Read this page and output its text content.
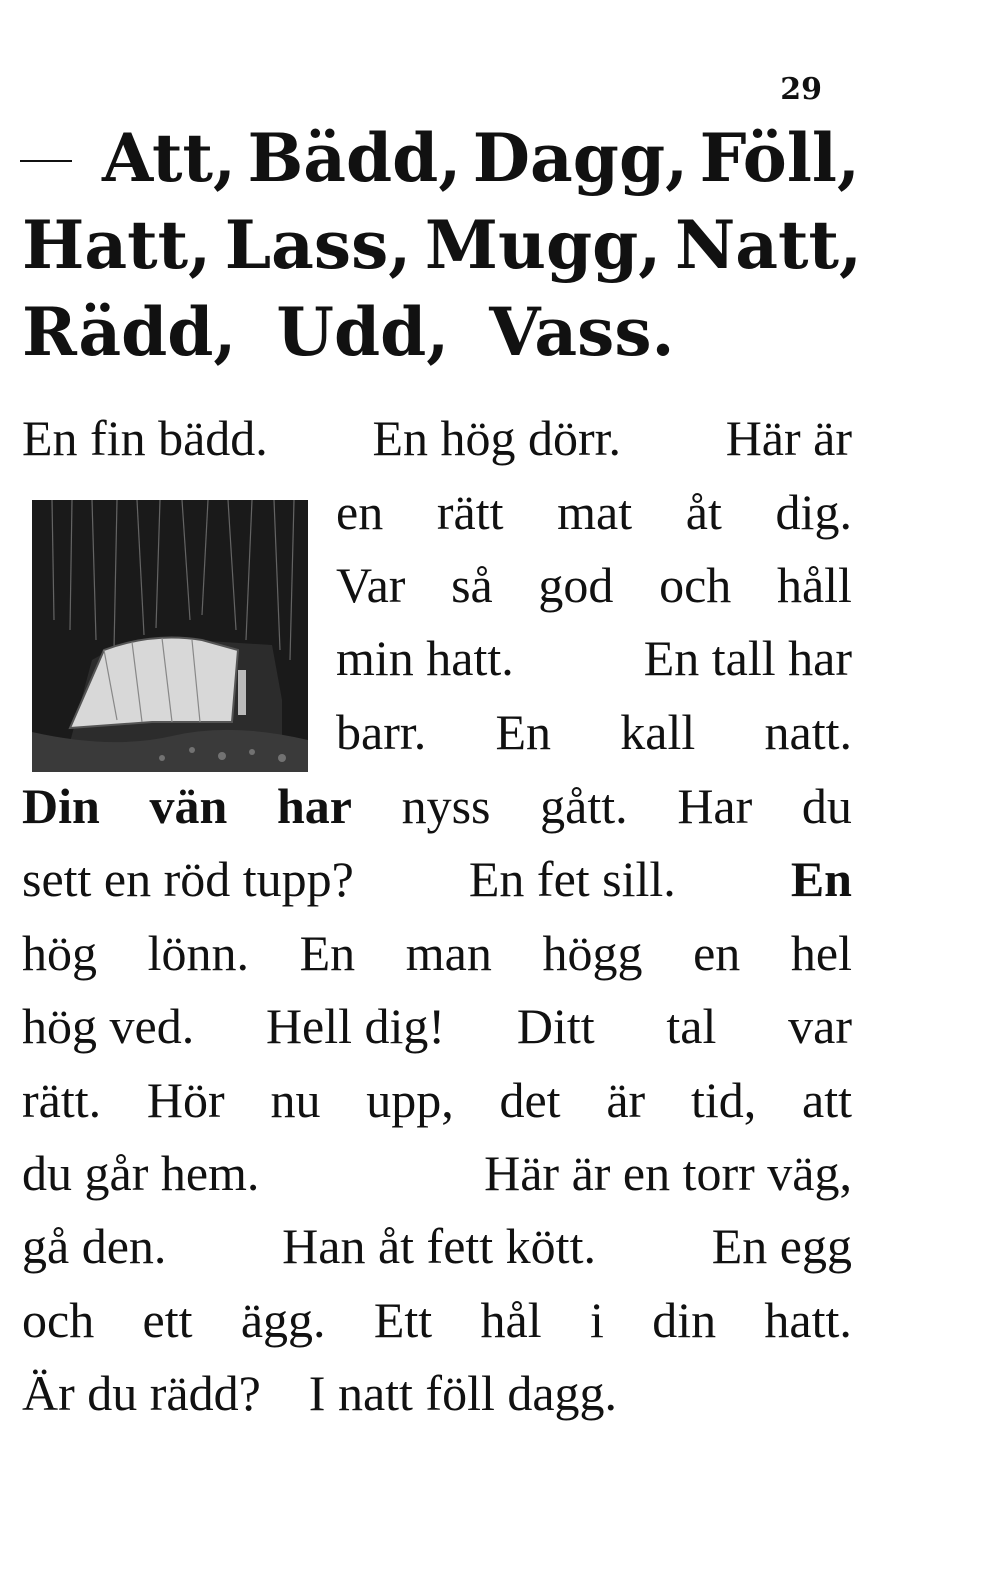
29
Att, Bädd, Dagg, Föll,
Hatt, Lass, Mugg, Natt,
Rädd, Udd, Vass.
En fin bädd. En hög dörr. Här är
en rätt mat åt dig.
Var så god och håll
min hatt.	En tall har
barr. En kall natt.
Din vän har nyss gått. Har du
sett en röd tupp? En fet sill. En
hög lönn. En man högg en hel
hög ved. Hell dig! Ditt tal var
rätt. Hör nu upp, det är tid, att
du går hem.	Här är en torr väg,
gå den. Han åt fett kött. En egg
och ett ägg. Ett hål i din hatt.
Är du rädd? I natt föll dagg.
